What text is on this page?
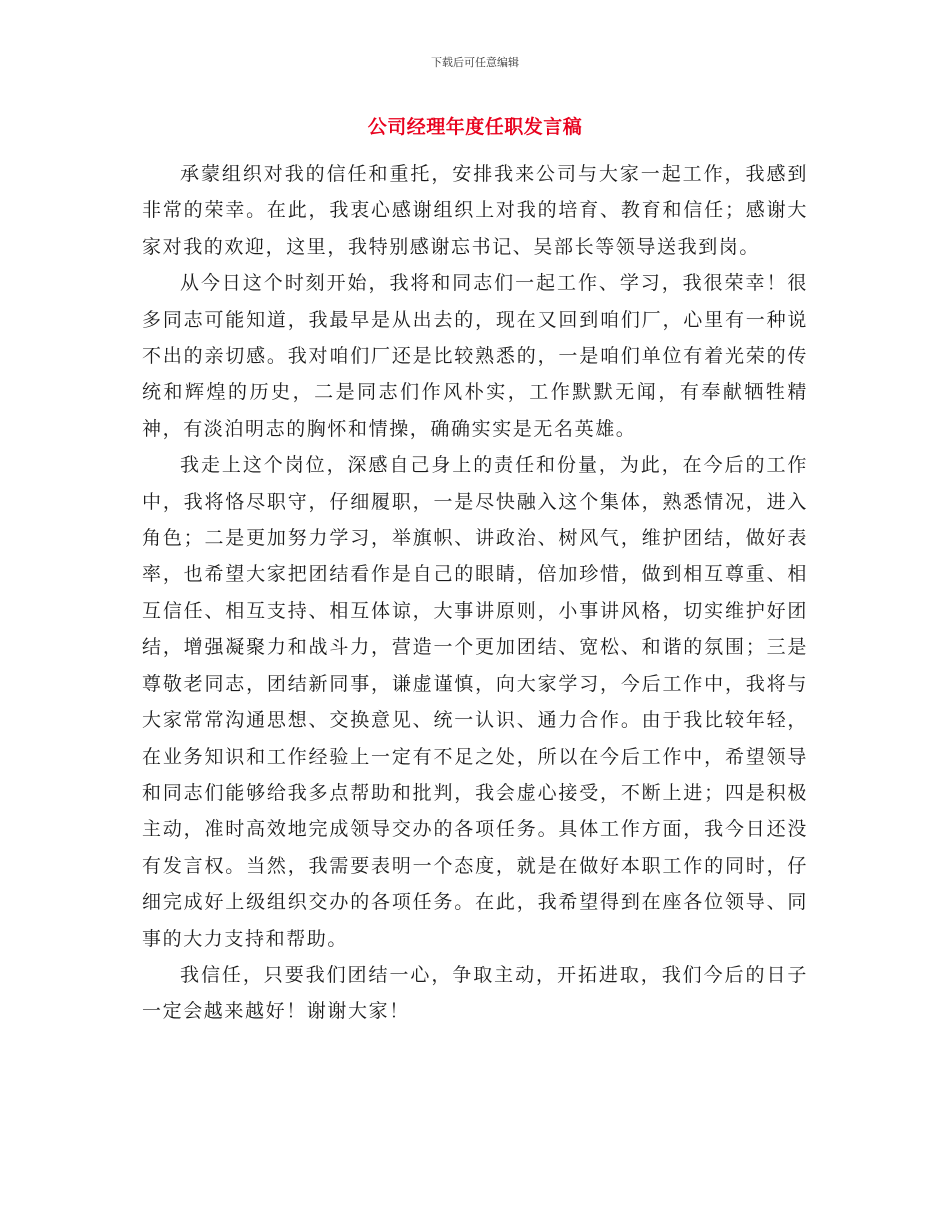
下载后可任意编辑
公司经理年度任职发言稿

承蒙组织对我的信任和重托，安排我来公司与大家一起工作，我感到非常的荣幸。在此，我衷心感谢组织上对我的培育、教育和信任；感谢大家对我的欢迎，这里，我特别感谢忘书记、吴部长等领导送我到岗。

从今日这个时刻开始，我将和同志们一起工作、学习，我很荣幸！很多同志可能知道，我最早是从出去的，现在又回到咱们厂，心里有一种说不出的亲切感。我对咱们厂还是比较熟悉的，一是咱们单位有着光荣的传统和辉煌的历史，二是同志们作风朴实，工作默默无闻，有奉献牺牲精神，有淡泊明志的胸怀和情操，确确实实是无名英雄。

我走上这个岗位，深感自己身上的责任和份量，为此，在今后的工作中，我将恪尽职守，仔细履职，一是尽快融入这个集体，熟悉情况，进入角色；二是更加努力学习，举旗帜、讲政治、树风气，维护团结，做好表率，也希望大家把团结看作是自己的眼睛，倍加珍惜，做到相互尊重、相互信任、相互支持、相互体谅，大事讲原则，小事讲风格，切实维护好团结，增强凝聚力和战斗力，营造一个更加团结、宽松、和谐的氛围；三是尊敬老同志，团结新同事，谦虚谨慎，向大家学习，今后工作中，我将与大家常常沟通思想、交换意见、统一认识、通力合作。由于我比较年轻，在业务知识和工作经验上一定有不足之处，所以在今后工作中，希望领导和同志们能够给我多点帮助和批判，我会虚心接受，不断上进；四是积极主动，准时高效地完成领导交办的各项任务。具体工作方面，我今日还没有发言权。当然，我需要表明一个态度，就是在做好本职工作的同时，仔细完成好上级组织交办的各项任务。在此，我希望得到在座各位领导、同事的大力支持和帮助。

我信任，只要我们团结一心，争取主动，开拓进取，我们今后的日子一定会越来越好！谢谢大家！
